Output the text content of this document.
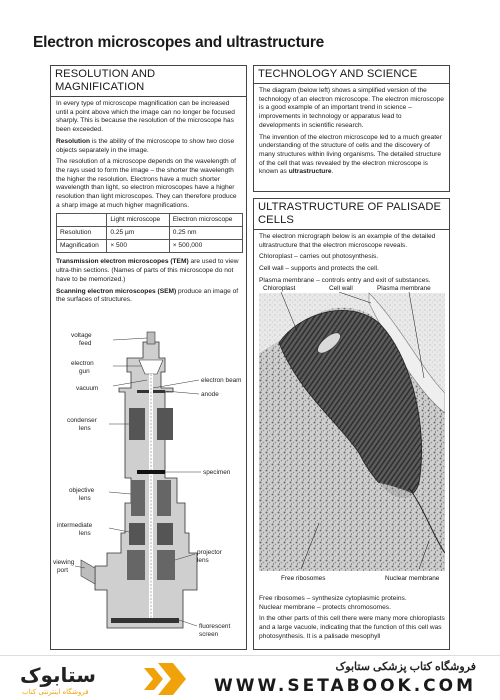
Electron microscopes and ultrastructure
RESOLUTION AND MAGNIFICATION

In every type of microscope magnification can be increased until a point above which the image can no longer be focused sharply. This is because the resolution of the microscope has been exceeded.

Resolution is the ability of the microscope to show two close objects separately in the image.

The resolution of a microscope depends on the wavelength of the rays used to form the image – the shorter the wavelength the higher the resolution. Electrons have a much shorter wavelength than light, so electron microscopes have a higher resolution than light microscopes. They can therefore produce a sharp image at much higher magnifications.

	Light microscope	Electron microscope
Resolution	0.25 µm	0.25 nm
Magnification	× 500	× 500,000

Transmission electron microscopes (TEM) are used to view ultra-thin sections. (Names of parts of this microscope do not have to be memorized.)

Scanning electron microscopes (SEM) produce an image of the surfaces of structures.

voltage feed
electron gun
vacuum
electron beam
anode
condenser lens
specimen
objective lens
intermediate lens
projector lens
viewing port
fluorescent screen
TECHNOLOGY AND SCIENCE

The diagram (below left) shows a simplified version of the technology of an electron microscope. The electron microscope is a good example of an important trend in science – improvements in technology or apparatus lead to developments in scientific research.

The invention of the electron microscope led to a much greater understanding of the structure of cells and the discovery of many structures within living organisms. The detailed structure of the cell that was revealed by the electron microscope is known as ultrastructure.

ULTRASTRUCTURE OF PALISADE CELLS

The electron micrograph below is an example of the detailed ultrastructure that the electron microscope reveals.

Chloroplast – carries out photosynthesis.

Cell wall – supports and protects the cell.

Plasma membrane – controls entry and exit of substances.

Chloroplast	Cell wall	Plasma membrane
Free ribosomes	Nuclear membrane

Free ribosomes – synthesize cytoplasmic proteins.
Nuclear membrane – protects chromosomes.

In the other parts of this cell there were many more chloroplasts and a large vacuole, indicating that the function of this cell was photosynthesis. It is a palisade mesophyll

ستابوک
فروشگاه اینترنتی کتاب
فروشگاه کتاب پزشکی ستابوک
WWW.SETABOOK.COM
